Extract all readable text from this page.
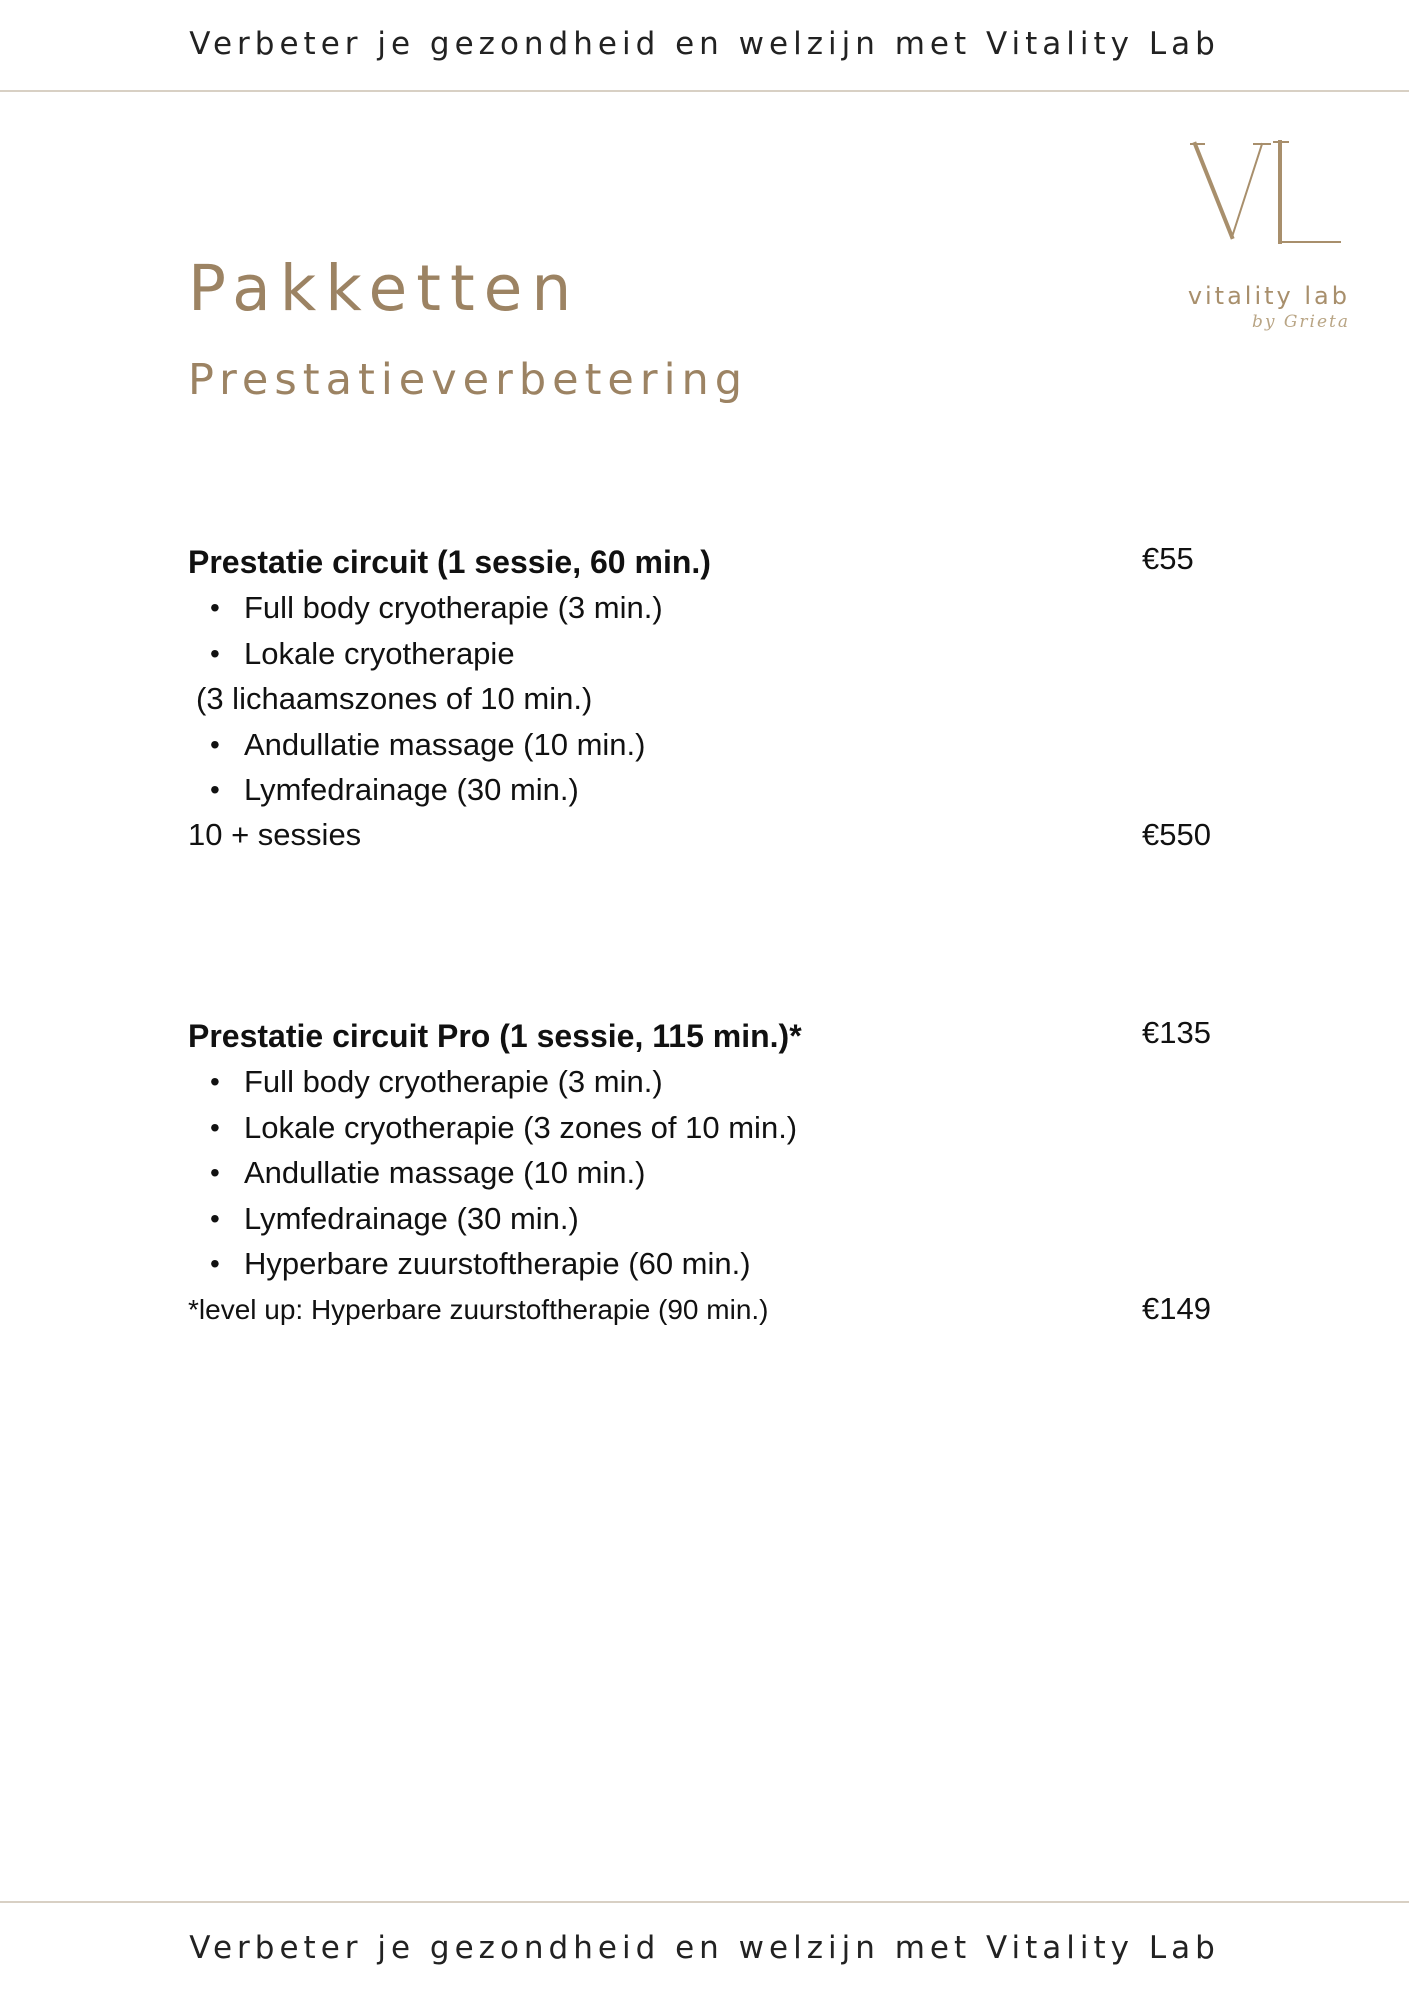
Verbeter je gezondheid en welzijn met Vitality Lab
vitality lab
by Grieta
Pakketten
Prestatieverbetering
Prestatie circuit (1 sessie, 60 min.)	€55
• Full body cryotherapie (3 min.)
• Lokale cryotherapie
(3 lichaamszones of 10 min.)
• Andullatie massage (10 min.)
• Lymfedrainage (30 min.)
10 + sessies	€550
Prestatie circuit Pro (1 sessie, 115 min.)*	€135
• Full body cryotherapie (3 min.)
• Lokale cryotherapie (3 zones of 10 min.)
• Andullatie massage (10 min.)
• Lymfedrainage (30 min.)
• Hyperbare zuurstoftherapie (60 min.)
*level up: Hyperbare zuurstoftherapie (90 min.)	€149
Verbeter je gezondheid en welzijn met Vitality Lab
